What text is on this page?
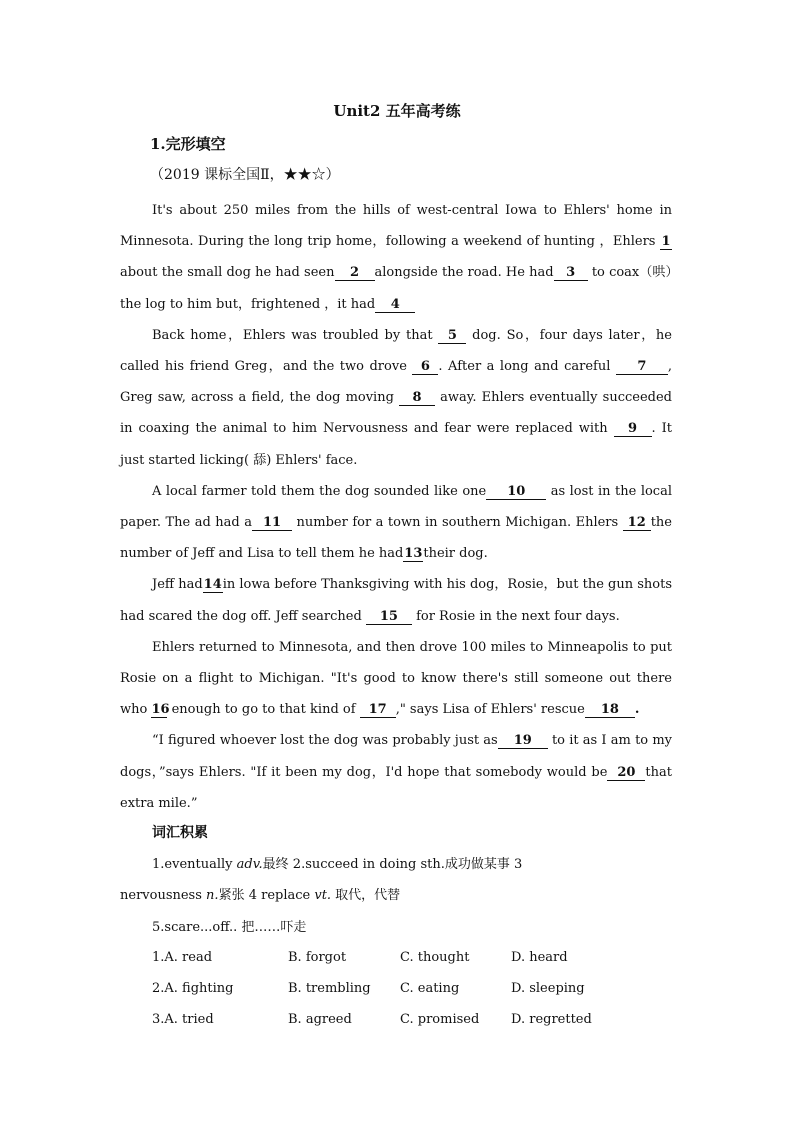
Unit2 五年高考练
1.完形填空
（2019 课标全国Ⅱ，★★☆）

It's about 250 miles from the hills of west-central Iowa to Ehlers' home in Minnesota. During the long trip home，following a weekend of hunting ，Ehlers 1 about the small dog he had seen 2 alongside the road. He had 3 to coax（哄）the log to him but，frightened ，it had 4

Back home，Ehlers was troubled by that 5 dog. So，four days later，he called his friend Greg，and the two drove 6 . After a long and careful 7 , Greg saw, across a field, the dog moving 8 away. Ehlers eventually succeeded in coaxing the animal to him Nervousness and fear were replaced with 9 . It just started licking( 舔) Ehlers' face.

A local farmer told them the dog sounded like one 10 as lost in the local paper. The ad had a 11 number for a town in southern Michigan. Ehlers 12 the number of Jeff and Lisa to tell them he had13their dog.

Jeff had14in lowa before Thanksgiving with his dog，Rosie，but the gun shots had scared the dog off. Jeff searched 15 for Rosie in the next four days.

Ehlers returned to Minnesota, and then drove 100 miles to Minneapolis to put Rosie on a flight to Michigan. "It's good to know there's still someone out there who 16 enough to go to that kind of 17 ," says Lisa of Ehlers' rescue 18 .

“I figured whoever lost the dog was probably just as 19 to it as I am to my dogs，”says Ehlers. "If it been my dog，I'd hope that somebody would be 20 that extra mile.”

词汇积累
1.eventually adv.最终 2.succeed in doing sth.成功做某事 3
nervousness n.紧张 4 replace vt. 取代，代替
5.scare...off.. 把……吓走
1.A. read	B. forgot	C. thought	D. heard
2.A. fighting	B. trembling C. eating	D. sleeping
3.A. tried	B. agreed	C. promised D. regretted
